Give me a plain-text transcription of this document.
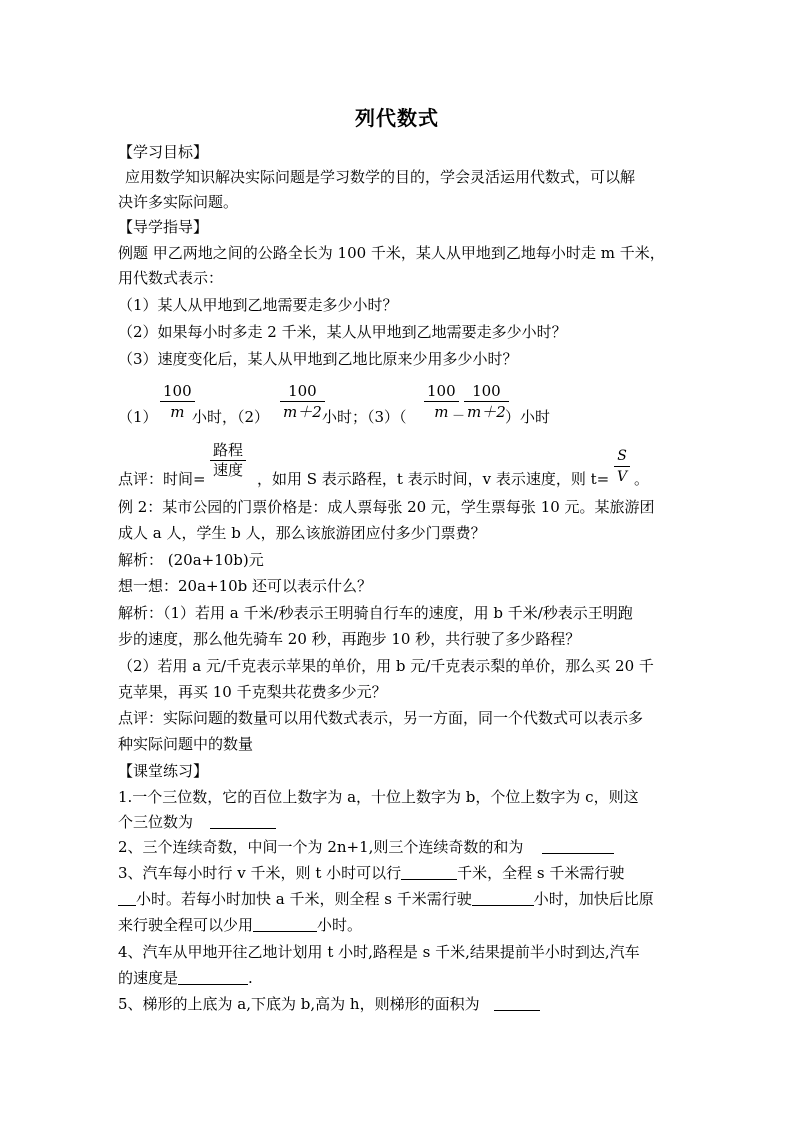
列代数式
【学习目标】
应用数学知识解决实际问题是学习数学的目的，学会灵活运用代数式，可以解
决许多实际问题。
【导学指导】
例题 甲乙两地之间的公路全长为 100 千米，某人从甲地到乙地每小时走 m 千米，
用代数式表示：
（1）某人从甲地到乙地需要走多少小时？
（2）如果每小时多走 2 千米，某人从甲地到乙地需要走多少小时？
（3）速度变化后，某人从甲地到乙地比原来少用多少小时？
$(1) \frac{100}{m}$
小时，$(2) \frac{100}{m+2}$
小时；$(3)( \frac{100}{m}$
－
$\frac{100}{m+2}$
）小时
点评：时间=
路程
速度 ，如用 S 表示路程，t 表示时间，v 表示速度，则 $t= \frac{S}{V}$ 。
例 2：某市公园的门票价格是：成人票每张 20 元，学生票每张 10 元。某旅游团
成人 a 人，学生 b 人，那么该旅游团应付多少门票费？
解析： (20a+10b)元
想一想：20a+10b 还可以表示什么？
解析：（1）若用 a 千米/秒表示王明骑自行车的速度，用 b 千米/秒表示王明跑
步的速度，那么他先骑车 20 秒，再跑步 10 秒，共行驶了多少路程？
（2）若用 a 元/千克表示苹果的单价，用 b 元/千克表示梨的单价，那么买 20 千
克苹果，再买 10 千克梨共花费多少元？
点评：实际问题的数量可以用代数式表示，另一方面，同一个代数式可以表示多
种实际问题中的数量
【课堂练习】
1.一个三位数，它的百位上数字为 a，十位上数字为 b，个位上数字为 c，则这
个三位数为
2、三个连续奇数，中间一个为 2n+1,则三个连续奇数的和为
3、汽车每小时行 v 千米，则 t 小时可以行	千米，全程 s 千米需行驶
小时。若每小时加快 a 千米，则全程 s 千米需行驶	小时，加快后比原
来行驶全程可以少用	小时。
4、汽车从甲地开往乙地计划用 t 小时,路程是 s 千米,结果提前半小时到达,汽车
的速度是	.
5、梯形的上底为 a,下底为 b,高为 h，则梯形的面积为
